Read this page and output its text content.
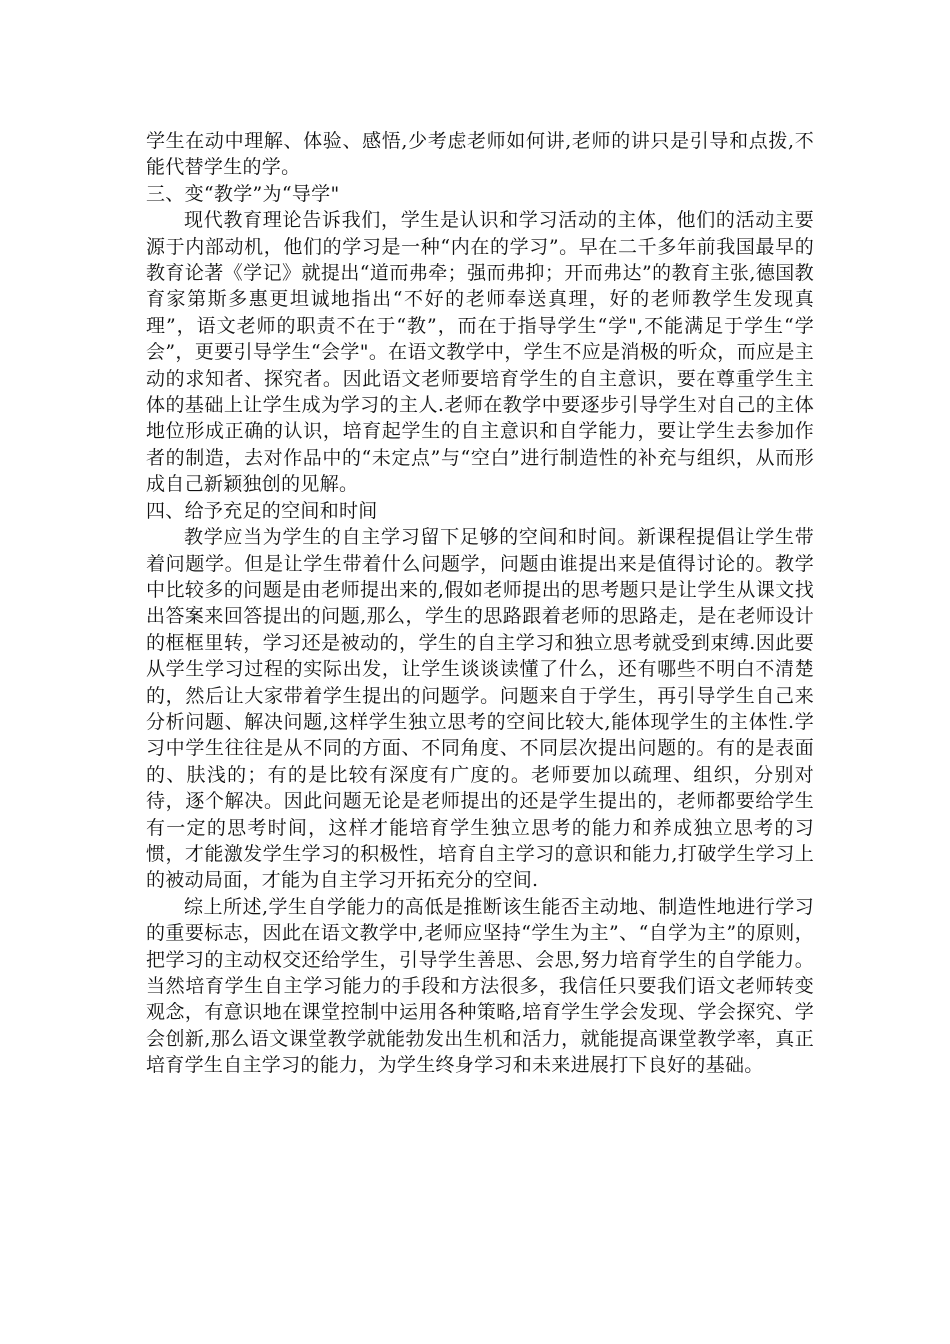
学生在动中理解、体验、感悟,少考虑老师如何讲,老师的讲只是引导和点拨,不能代替学生的学。

三、变“教学”为“导学"

现代教育理论告诉我们，学生是认识和学习活动的主体，他们的活动主要源于内部动机，他们的学习是一种“内在的学习”。早在二千多年前我国最早的教育论著《学记》就提出“道而弗牵；强而弗抑；开而弗达”的教育主张,德国教育家第斯多惠更坦诚地指出“不好的老师奉送真理，好的老师教学生发现真理”，语文老师的职责不在于“教”，而在于指导学生“学",不能满足于学生“学会”，更要引导学生“会学"。在语文教学中，学生不应是消极的听众，而应是主动的求知者、探究者。因此语文老师要培育学生的自主意识，要在尊重学生主体的基础上让学生成为学习的主人.老师在教学中要逐步引导学生对自己的主体地位形成正确的认识，培育起学生的自主意识和自学能力，要让学生去参加作者的制造，去对作品中的“未定点”与“空白”进行制造性的补充与组织，从而形成自己新颖独创的见解。

四、给予充足的空间和时间

教学应当为学生的自主学习留下足够的空间和时间。新课程提倡让学生带着问题学。但是让学生带着什么问题学，问题由谁提出来是值得讨论的。教学中比较多的问题是由老师提出来的,假如老师提出的思考题只是让学生从课文找出答案来回答提出的问题,那么，学生的思路跟着老师的思路走，是在老师设计的框框里转，学习还是被动的，学生的自主学习和独立思考就受到束缚.因此要从学生学习过程的实际出发，让学生谈谈读懂了什么，还有哪些不明白不清楚的，然后让大家带着学生提出的问题学。问题来自于学生，再引导学生自己来分析问题、解决问题,这样学生独立思考的空间比较大,能体现学生的主体性.学习中学生往往是从不同的方面、不同角度、不同层次提出问题的。有的是表面的、肤浅的；有的是比较有深度有广度的。老师要加以疏理、组织，分别对待，逐个解决。因此问题无论是老师提出的还是学生提出的，老师都要给学生有一定的思考时间，这样才能培育学生独立思考的能力和养成独立思考的习惯，才能激发学生学习的积极性，培育自主学习的意识和能力,打破学生学习上的被动局面，才能为自主学习开拓充分的空间.

综上所述,学生自学能力的高低是推断该生能否主动地、制造性地进行学习的重要标志，因此在语文教学中,老师应坚持“学生为主”、“自学为主”的原则，把学习的主动权交还给学生，引导学生善思、会思,努力培育学生的自学能力。当然培育学生自主学习能力的手段和方法很多，我信任只要我们语文老师转变观念，有意识地在课堂控制中运用各种策略,培育学生学会发现、学会探究、学会创新,那么语文课堂教学就能勃发出生机和活力，就能提高课堂教学率，真正培育学生自主学习的能力，为学生终身学习和未来进展打下良好的基础。
